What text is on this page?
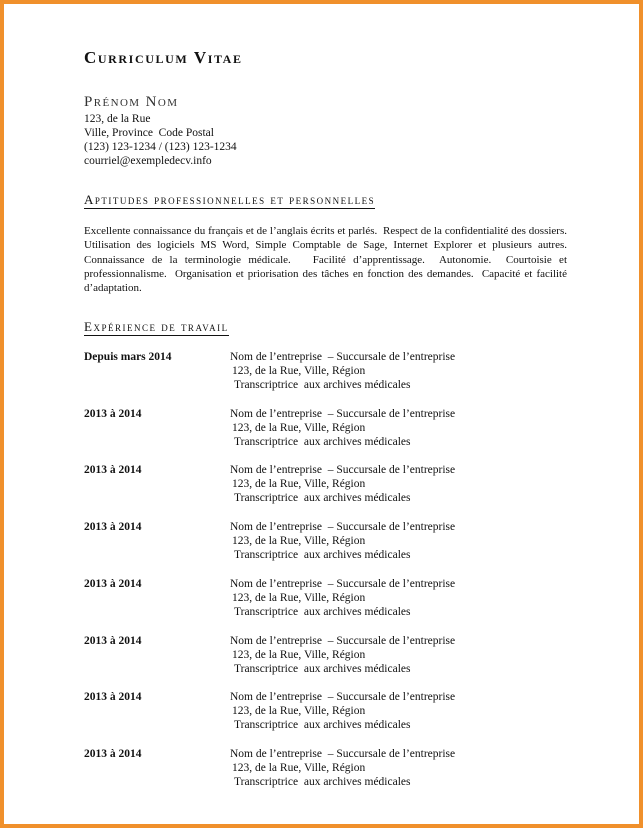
Curriculum Vitae
Prénom Nom
123, de la Rue
Ville, Province  Code Postal
(123) 123-1234 / (123) 123-1234
courriel@exempledecv.info
Aptitudes professionnelles et personnelles
Excellente connaissance du français et de l’anglais écrits et parlés.  Respect de la confidentialité des dossiers.  Utilisation des logiciels MS Word, Simple Comptable de Sage, Internet Explorer et plusieurs autres.   Connaissance de la terminologie médicale.   Facilité d’apprentissage.  Autonomie.  Courtoisie et professionnalisme.  Organisation et priorisation des tâches en fonction des demandes.  Capacité et facilité  d’adaptation.
Expérience de travail
Depuis mars 2014	Nom de l’entreprise  – Succursale de l’entreprise
123, de la Rue, Ville, Région
Transcriptrice  aux archives médicales
2013 à 2014	Nom de l’entreprise  – Succursale de l’entreprise
123, de la Rue, Ville, Région
Transcriptrice  aux archives médicales
2013 à 2014	Nom de l’entreprise  – Succursale de l’entreprise
123, de la Rue, Ville, Région
Transcriptrice  aux archives médicales
2013 à 2014	Nom de l’entreprise  – Succursale de l’entreprise
123, de la Rue, Ville, Région
Transcriptrice  aux archives médicales
2013 à 2014	Nom de l’entreprise  – Succursale de l’entreprise
123, de la Rue, Ville, Région
Transcriptrice  aux archives médicales
2013 à 2014	Nom de l’entreprise  – Succursale de l’entreprise
123, de la Rue, Ville, Région
Transcriptrice  aux archives médicales
2013 à 2014	Nom de l’entreprise  – Succursale de l’entreprise
123, de la Rue, Ville, Région
Transcriptrice  aux archives médicales
2013 à 2014	Nom de l’entreprise  – Succursale de l’entreprise
123, de la Rue, Ville, Région
Transcriptrice  aux archives médicales
